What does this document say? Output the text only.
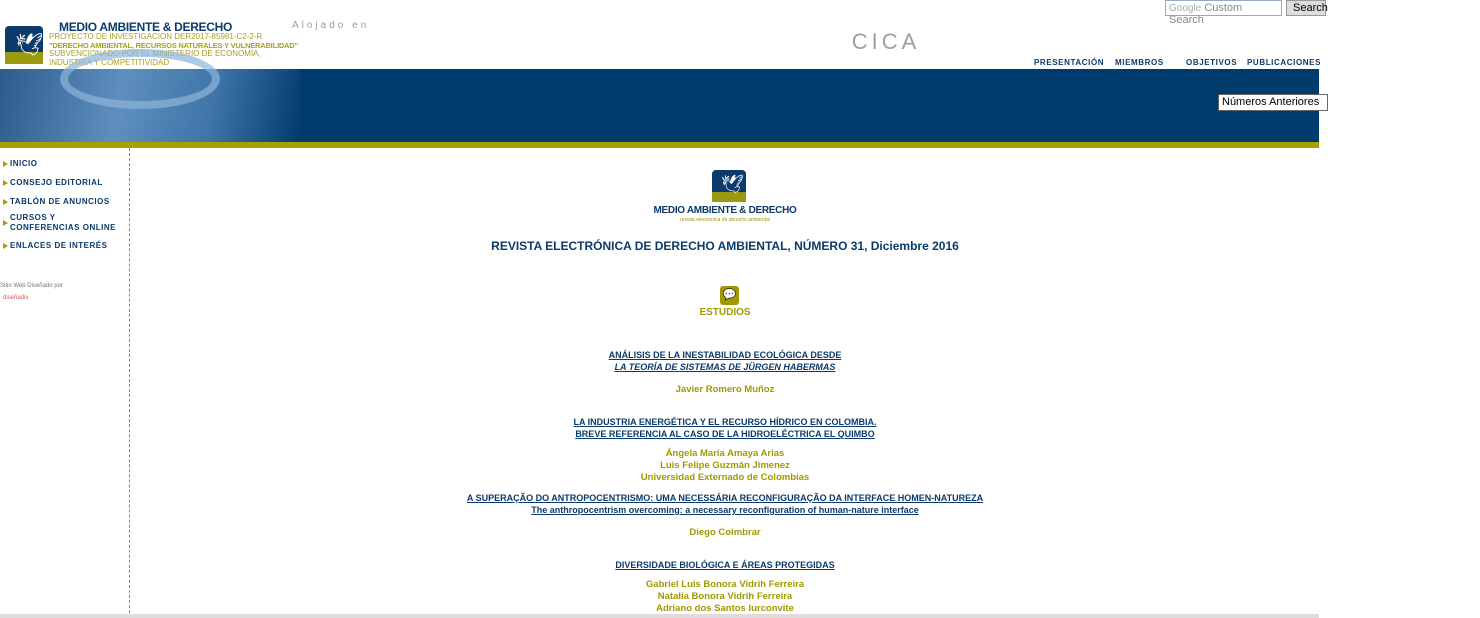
🕊
MEDIO AMBIENTE & DERECHO
PROYECTO DE INVESTIGACION DER2017-85981-C2-2-R
"DERECHO AMBIENTAL, RECURSOS NATURALES Y VULNERABILIDAD"
SUBVENCIONADO POR EL MINISTERIO DE ECONOMÍA,
INDUSTRIA Y COMPETITIVIDAD
Alojado en
CICA
Google Custom Search
Search
PRESENTACIÓN MIEMBROS	OBJETIVOS PUBLICACIONES
Números Anteriores
INICIO
CONSEJO EDITORIAL
TABLÓN DE ANUNCIOS
CURSOS Y CONFERENCIAS ONLINE
ENLACES DE INTERÉS
Sitio Web Diseñado por
diseñadix
🕊
MEDIO AMBIENTE & DERECHO
revista electrónica de derecho ambiental
REVISTA ELECTRÓNICA DE DERECHO AMBIENTAL, NÚMERO 31, Diciembre 2016
💬
ESTUDIOS
ANÁLISIS DE LA INESTABILIDAD ECOLÓGICA DESDE
LA TEORÍA DE SISTEMAS DE JÜRGEN HABERMAS
Javier Romero Muñoz
LA INDUSTRIA ENERGÉTICA Y EL RECURSO HÍDRICO EN COLOMBIA.
BREVE REFERENCIA AL CASO DE LA HIDROELÉCTRICA EL QUIMBO
Ángela María Amaya Arias
Luis Felipe Guzmán Jimenez
Universidad Externado de Colombias
A SUPERAÇÃO DO ANTROPOCENTRISMO: UMA NECESSÁRIA RECONFIGURAÇÃO DA INTERFACE HOMEN-NATUREZA
The anthropocentrism overcoming: a necessary reconfiguration of human-nature interface
Diego Coimbrar
DIVERSIDADE BIOLÓGICA E ÁREAS PROTEGIDAS
Gabriel Luis Bonora Vidrih Ferreira
Natalia Bonora Vidrih Ferreira
Adriano dos Santos Iurconvite
